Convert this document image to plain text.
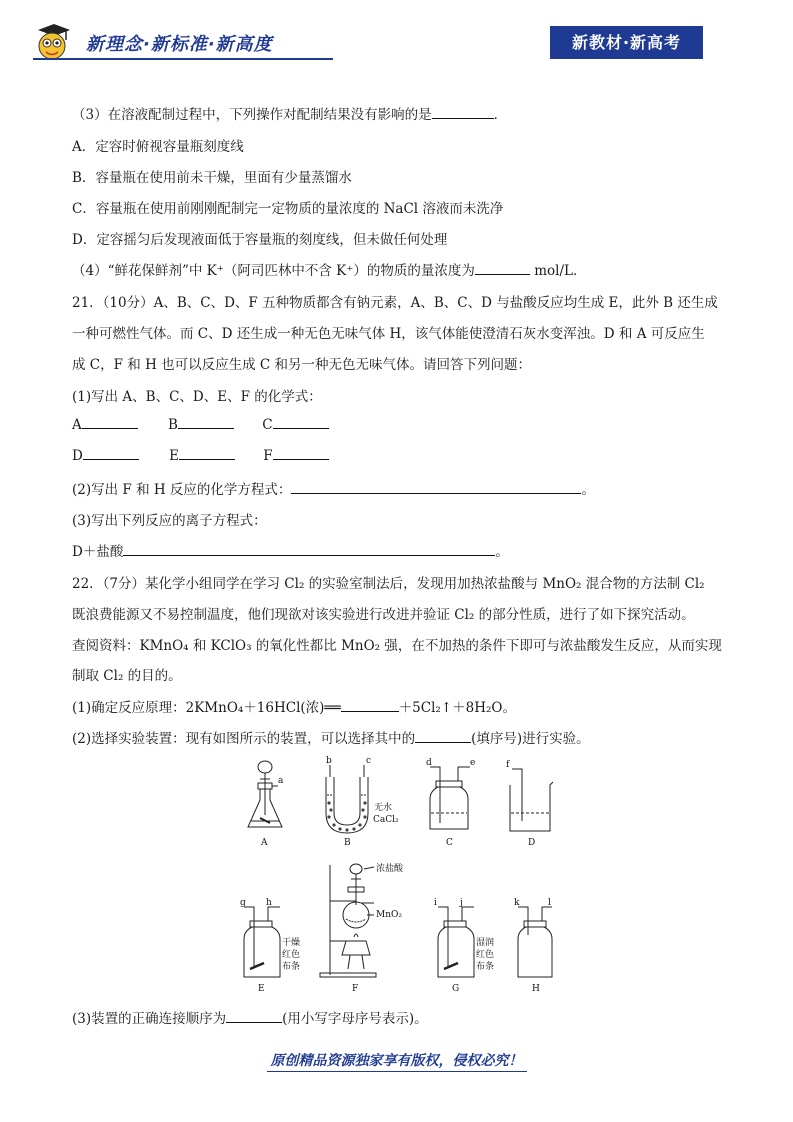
新理念·新标准·新高度	新教材·新高考
（3）在溶液配制过程中，下列操作对配制结果没有影响的是	．
A．定容时俯视容量瓶刻度线
B．容量瓶在使用前未干燥，里面有少量蒸馏水
C．容量瓶在使用前刚刚配制完一定物质的量浓度的 NaCl 溶液而未洗净
D．定容摇匀后发现液面低于容量瓶的刻度线，但未做任何处理
（4）“鲜花保鲜剂”中 K⁺（阿司匹林中不含 K⁺）的物质的量浓度为	mol/L．
21．（10分）A、B、C、D、F 五种物质都含有钠元素，A、B、C、D 与盐酸反应均生成 E，此外 B 还生成
一种可燃性气体。而 C、D 还生成一种无色无味气体 H，该气体能使澄清石灰水变浑浊。D 和 A 可反应生
成 C，F 和 H 也可以反应生成 C 和另一种无色无味气体。请回答下列问题：
(1)写出 A、B、C、D、E、F 的化学式：
A	B	C
D	E	F
(2)写出 F 和 H 反应的化学方程式：	。
(3)写出下列反应的离子方程式：
D＋盐酸	。
22．（7分）某化学小组同学在学习 Cl₂ 的实验室制法后，发现用加热浓盐酸与 MnO₂ 混合物的方法制 Cl₂
既浪费能源又不易控制温度，他们现欲对该实验进行改进并验证 Cl₂ 的部分性质，进行了如下探究活动。
查阅资料：KMnO₄ 和 KClO₃ 的氧化性都比 MnO₂ 强，在不加热的条件下即可与浓盐酸发生反应，从而实现
制取 Cl₂ 的目的。
(1)确定反应原理：2KMnO₄＋16HCl(浓)══	＋5Cl₂↑＋8H₂O。
(2)选择实验装置：现有如图所示的装置，可以选择其中的	(填序号)进行实验。
(3)装置的正确连接顺序为	(用小写字母序号表示)。
a
A
b	c
无水
CaCl₂
B
d	e
C
f
D
g h
干燥
红色
布条
E
浓盐酸
MnO₂
F
i	j
湿润
红色
布条
G
k	l
H
原创精品资源独家享有版权，侵权必究！
